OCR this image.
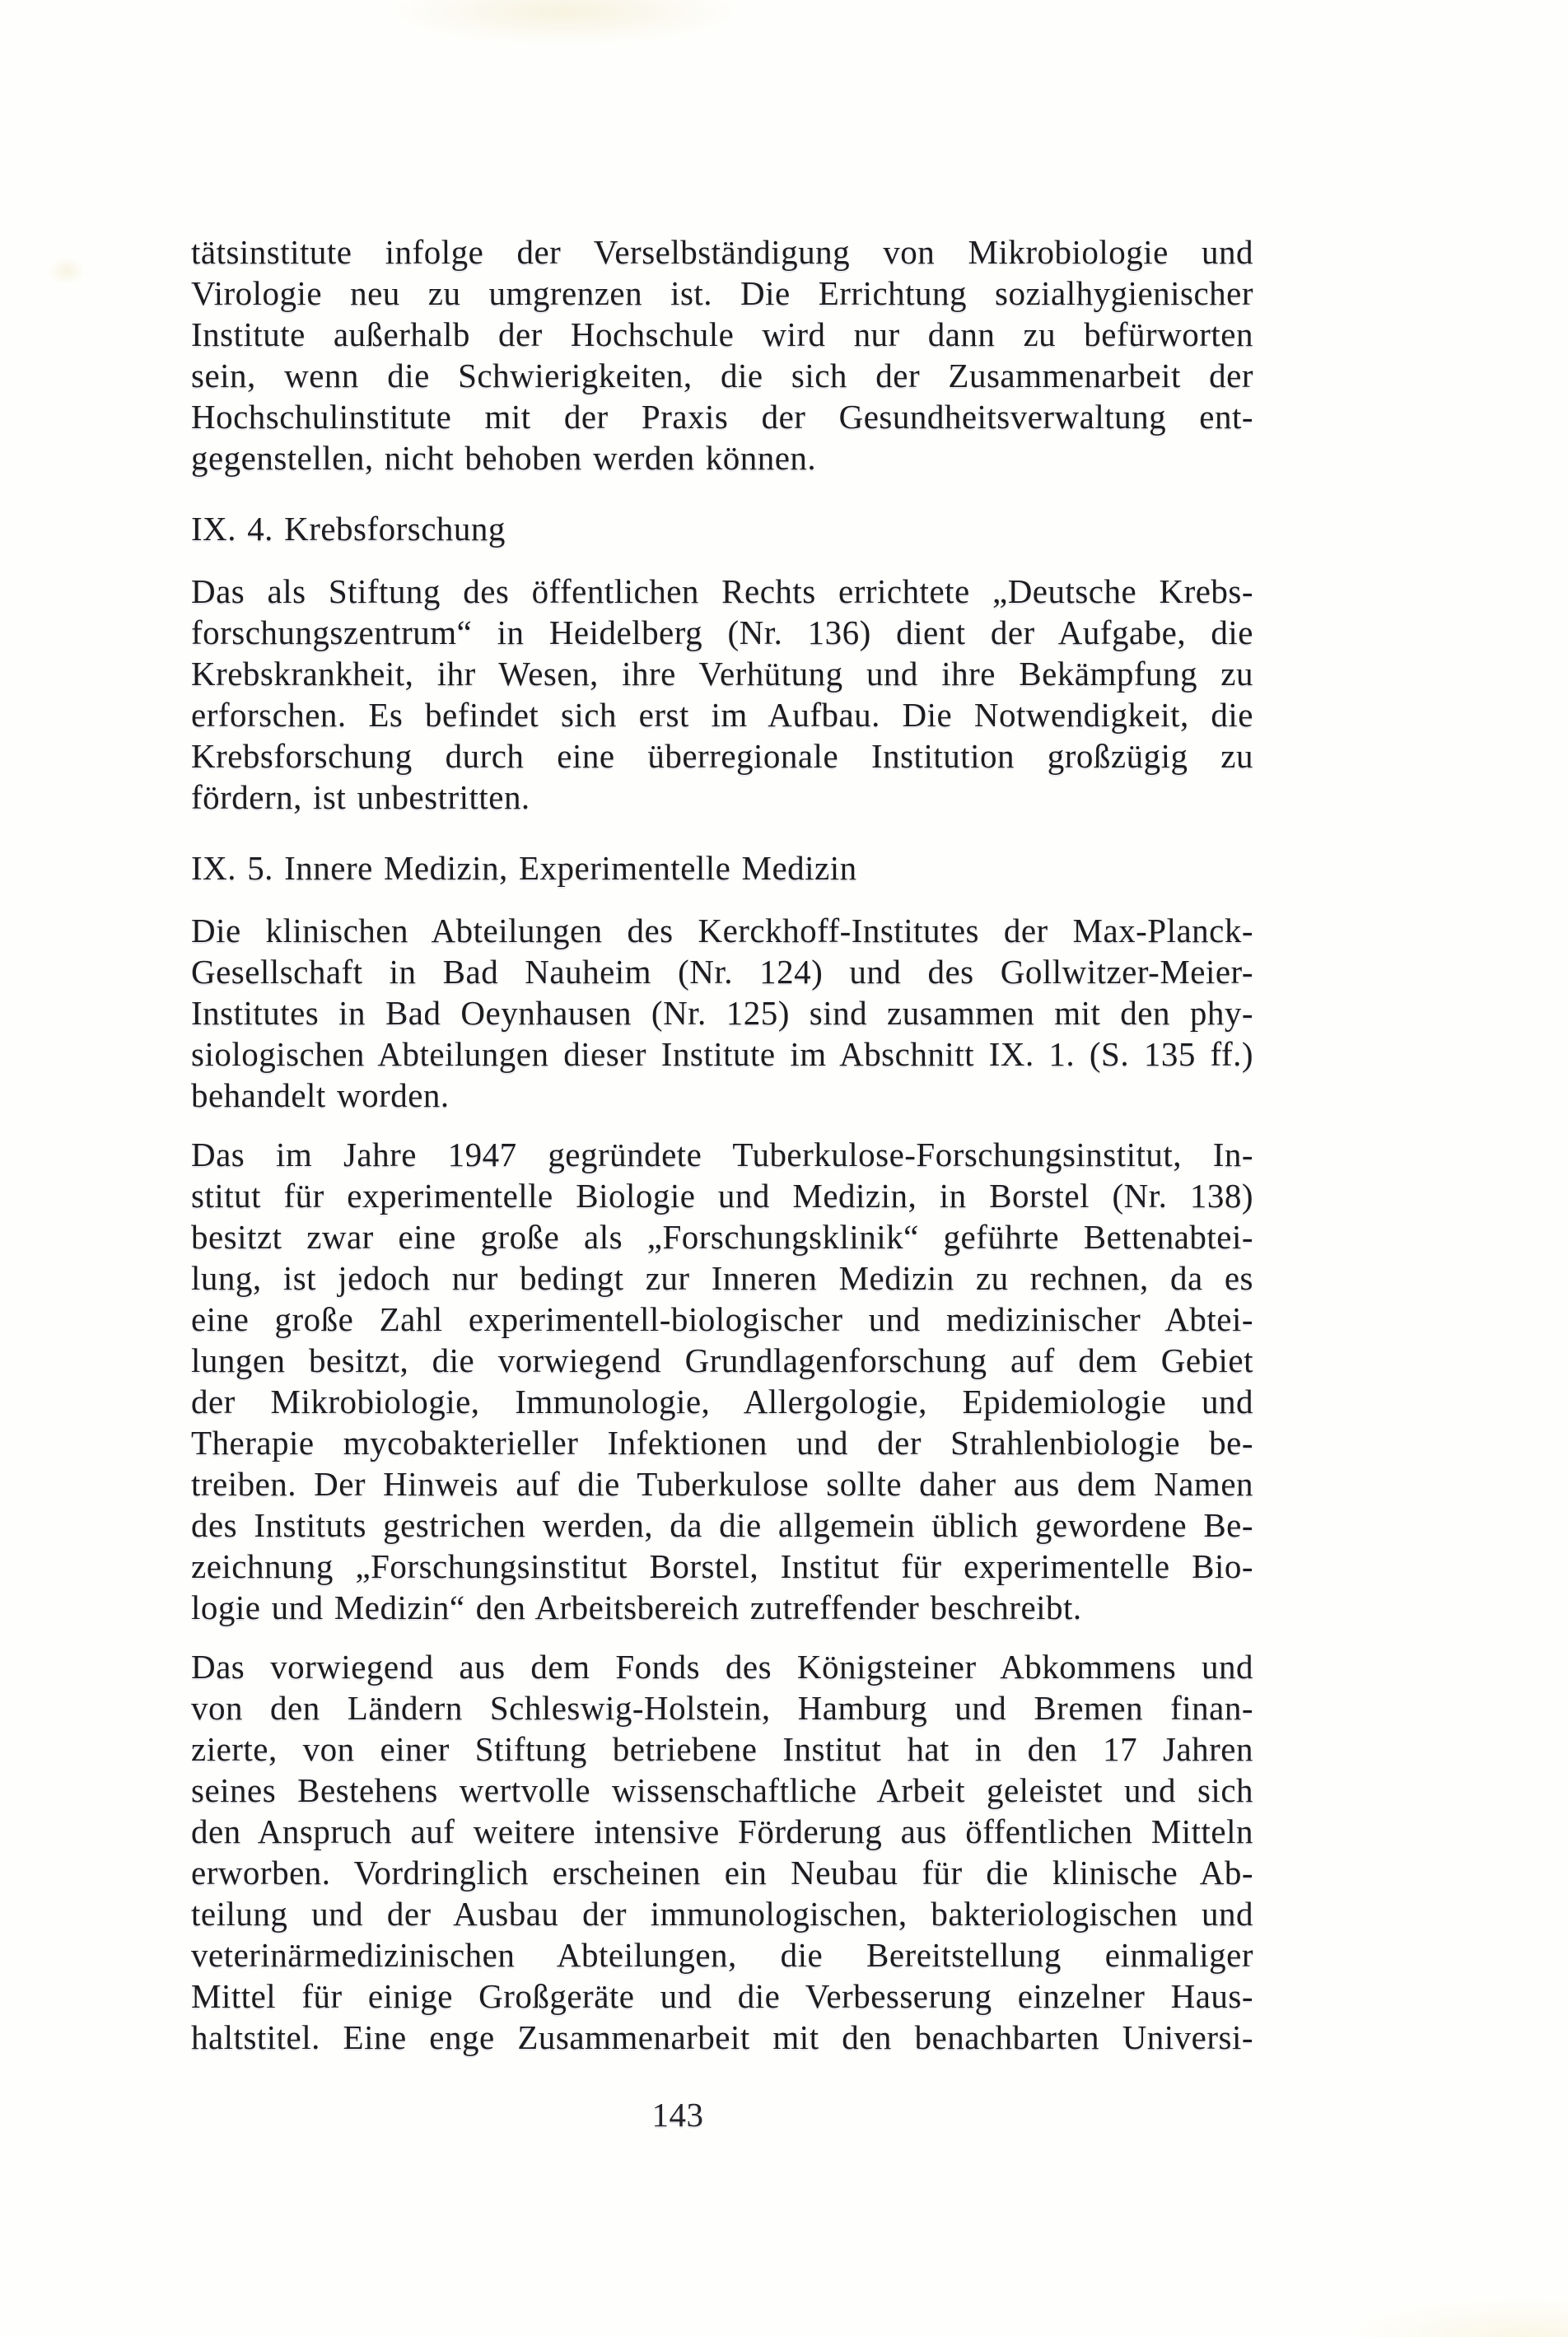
tätsinstitute infolge der Verselbständigung von Mikrobiologie und
Virologie neu zu umgrenzen ist. Die Errichtung sozialhygienischer
Institute außerhalb der Hochschule wird nur dann zu befürworten
sein, wenn die Schwierigkeiten, die sich der Zusammenarbeit der
Hochschulinstitute mit der Praxis der Gesundheitsverwaltung ent-
gegenstellen, nicht behoben werden können.
IX. 4. Krebsforschung
Das als Stiftung des öffentlichen Rechts errichtete „Deutsche Krebs-
forschungszentrum“ in Heidelberg (Nr. 136) dient der Aufgabe, die
Krebskrankheit, ihr Wesen, ihre Verhütung und ihre Bekämpfung zu
erforschen. Es befindet sich erst im Aufbau. Die Notwendigkeit, die
Krebsforschung durch eine überregionale Institution großzügig zu
fördern, ist unbestritten.
IX. 5. Innere Medizin, Experimentelle Medizin
Die klinischen Abteilungen des Kerckhoff-Institutes der Max-Planck-
Gesellschaft in Bad Nauheim (Nr. 124) und des Gollwitzer-Meier-
Institutes in Bad Oeynhausen (Nr. 125) sind zusammen mit den phy-
siologischen Abteilungen dieser Institute im Abschnitt IX. 1. (S. 135 ff.)
behandelt worden.
Das im Jahre 1947 gegründete Tuberkulose-Forschungsinstitut, In-
stitut für experimentelle Biologie und Medizin, in Borstel (Nr. 138)
besitzt zwar eine große als „Forschungsklinik“ geführte Bettenabtei-
lung, ist jedoch nur bedingt zur Inneren Medizin zu rechnen, da es
eine große Zahl experimentell-biologischer und medizinischer Abtei-
lungen besitzt, die vorwiegend Grundlagenforschung auf dem Gebiet
der Mikrobiologie, Immunologie, Allergologie, Epidemiologie und
Therapie mycobakterieller Infektionen und der Strahlenbiologie be-
treiben. Der Hinweis auf die Tuberkulose sollte daher aus dem Namen
des Instituts gestrichen werden, da die allgemein üblich gewordene Be-
zeichnung „Forschungsinstitut Borstel, Institut für experimentelle Bio-
logie und Medizin“ den Arbeitsbereich zutreffender beschreibt.
Das vorwiegend aus dem Fonds des Königsteiner Abkommens und
von den Ländern Schleswig-Holstein, Hamburg und Bremen finan-
zierte, von einer Stiftung betriebene Institut hat in den 17 Jahren
seines Bestehens wertvolle wissenschaftliche Arbeit geleistet und sich
den Anspruch auf weitere intensive Förderung aus öffentlichen Mitteln
erworben. Vordringlich erscheinen ein Neubau für die klinische Ab-
teilung und der Ausbau der immunologischen, bakteriologischen und
veterinärmedizinischen Abteilungen, die Bereitstellung einmaliger
Mittel für einige Großgeräte und die Verbesserung einzelner Haus-
haltstitel. Eine enge Zusammenarbeit mit den benachbarten Universi-
143
